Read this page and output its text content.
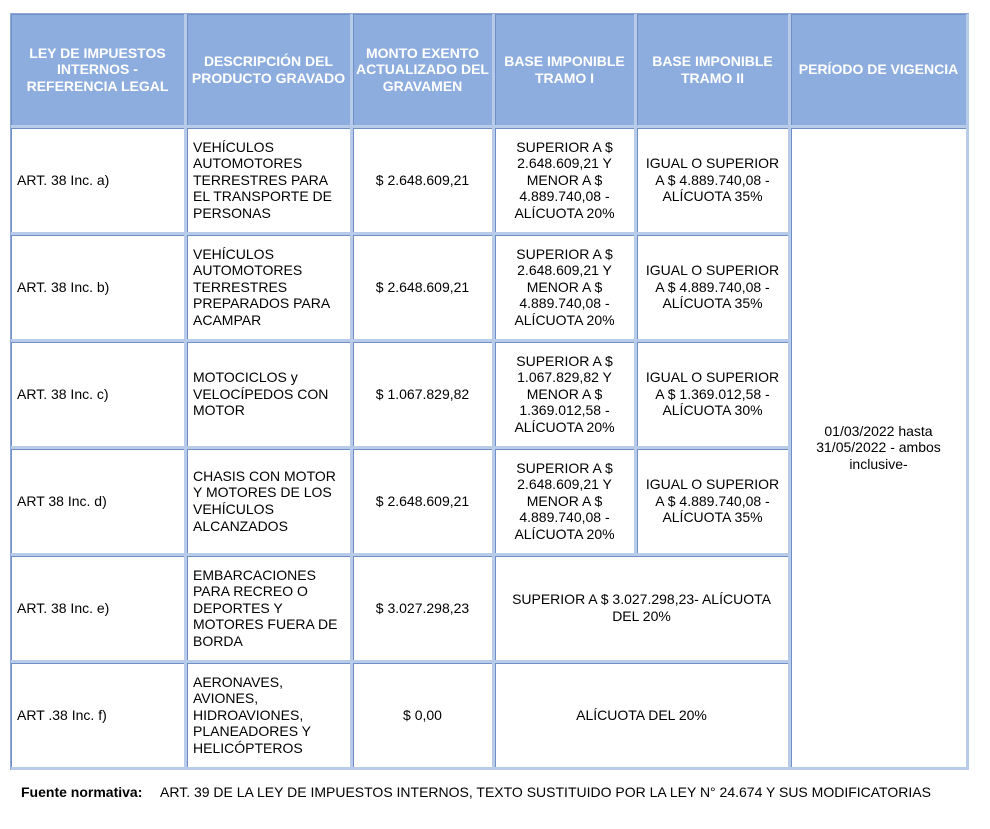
LEY DE IMPUESTOS INTERNOS - REFERENCIA LEGAL	DESCRIPCIÓN DEL PRODUCTO GRAVADO	MONTO EXENTO ACTUALIZADO DEL GRAVAMEN	BASE IMPONIBLE TRAMO I	BASE IMPONIBLE TRAMO II	PERÍODO DE VIGENCIA
ART. 38 Inc. a)	VEHÍCULOS AUTOMOTORES TERRESTRES PARA EL TRANSPORTE DE PERSONAS	$ 2.648.609,21	SUPERIOR A $ 2.648.609,21 Y MENOR A $ 4.889.740,08 - ALÍCUOTA 20%	IGUAL O SUPERIOR A $ 4.889.740,08 - ALÍCUOTA 35%	01/03/2022 hasta 31/05/2022 - ambos inclusive-
ART. 38 Inc. b)	VEHÍCULOS AUTOMOTORES TERRESTRES PREPARADOS PARA ACAMPAR	$ 2.648.609,21	SUPERIOR A $ 2.648.609,21 Y MENOR A $ 4.889.740,08 - ALÍCUOTA 20%	IGUAL O SUPERIOR A $ 4.889.740,08 - ALÍCUOTA 35%	
ART. 38 Inc. c)	MOTOCICLOS y VELOCÍPEDOS CON MOTOR	$ 1.067.829,82	SUPERIOR A $ 1.067.829,82 Y MENOR A $ 1.369.012,58 - ALÍCUOTA 20%	IGUAL O SUPERIOR A $ 1.369.012,58 - ALÍCUOTA 30%	
ART 38 Inc. d)	CHASIS CON MOTOR Y MOTORES DE LOS VEHÍCULOS ALCANZADOS	$ 2.648.609,21	SUPERIOR A $ 2.648.609,21 Y MENOR A $ 4.889.740,08 - ALÍCUOTA 20%	IGUAL O SUPERIOR A $ 4.889.740,08 - ALÍCUOTA 35%	
ART. 38 Inc. e)	EMBARCACIONES PARA RECREO O DEPORTES Y MOTORES FUERA DE BORDA	$ 3.027.298,23	SUPERIOR A $ 3.027.298,23- ALÍCUOTA DEL 20%		
ART .38 Inc. f)	AERONAVES, AVIONES, HIDROAVIONES, PLANEADORES Y HELICÓPTEROS	$ 0,00	ALÍCUOTA DEL 20%		
Fuente normativa: ART. 39 DE LA LEY DE IMPUESTOS INTERNOS, TEXTO SUSTITUIDO POR LA LEY N° 24.674 Y SUS MODIFICATORIAS
